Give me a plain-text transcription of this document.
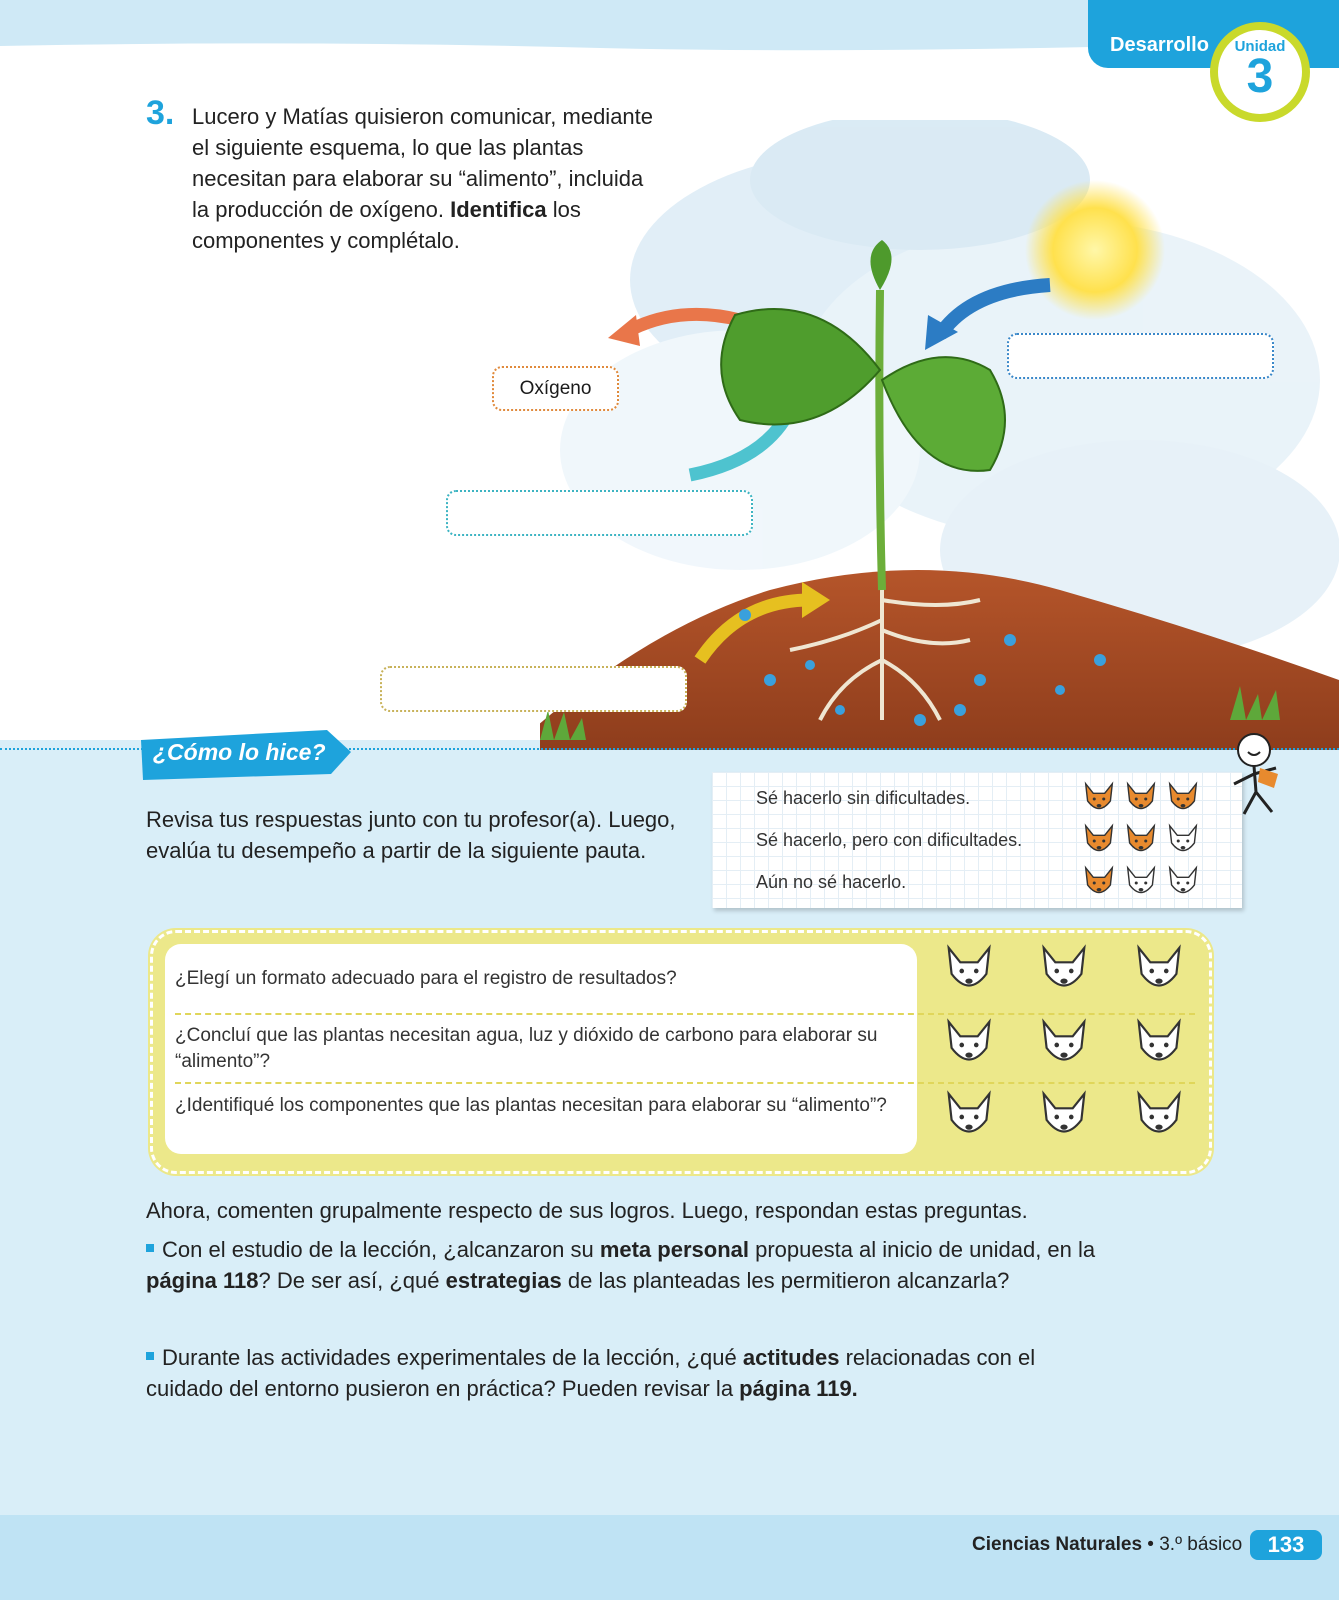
Desarrollo	Unidad
3
3. Lucero y Matías quisieron comunicar, mediante el siguiente esquema, lo que las plantas necesitan para elaborar su “alimento”, incluida la producción de oxígeno. Identifica los componentes y complétalo.
Oxígeno
¿Cómo lo hice?
Revisa tus respuestas junto con tu profesor(a). Luego, evalúa tu desempeño a partir de la siguiente pauta.
Sé hacerlo sin dificultades.
Sé hacerlo, pero con dificultades.
Aún no sé hacerlo.
¿Elegí un formato adecuado para el registro de resultados?
¿Concluí que las plantas necesitan agua, luz y dióxido de carbono para elaborar su “alimento”?
¿Identifiqué los componentes que las plantas necesitan para elaborar su “alimento”?
Ahora, comenten grupalmente respecto de sus logros. Luego, respondan estas preguntas.
Con el estudio de la lección, ¿alcanzaron su meta personal propuesta al inicio de unidad, en la página 118? De ser así, ¿qué estrategias de las planteadas les permitieron alcanzarla?
Durante las actividades experimentales de la lección, ¿qué actitudes relacionadas con el cuidado del entorno pusieron en práctica? Pueden revisar la página 119.
Ciencias Naturales • 3.º básico	133
